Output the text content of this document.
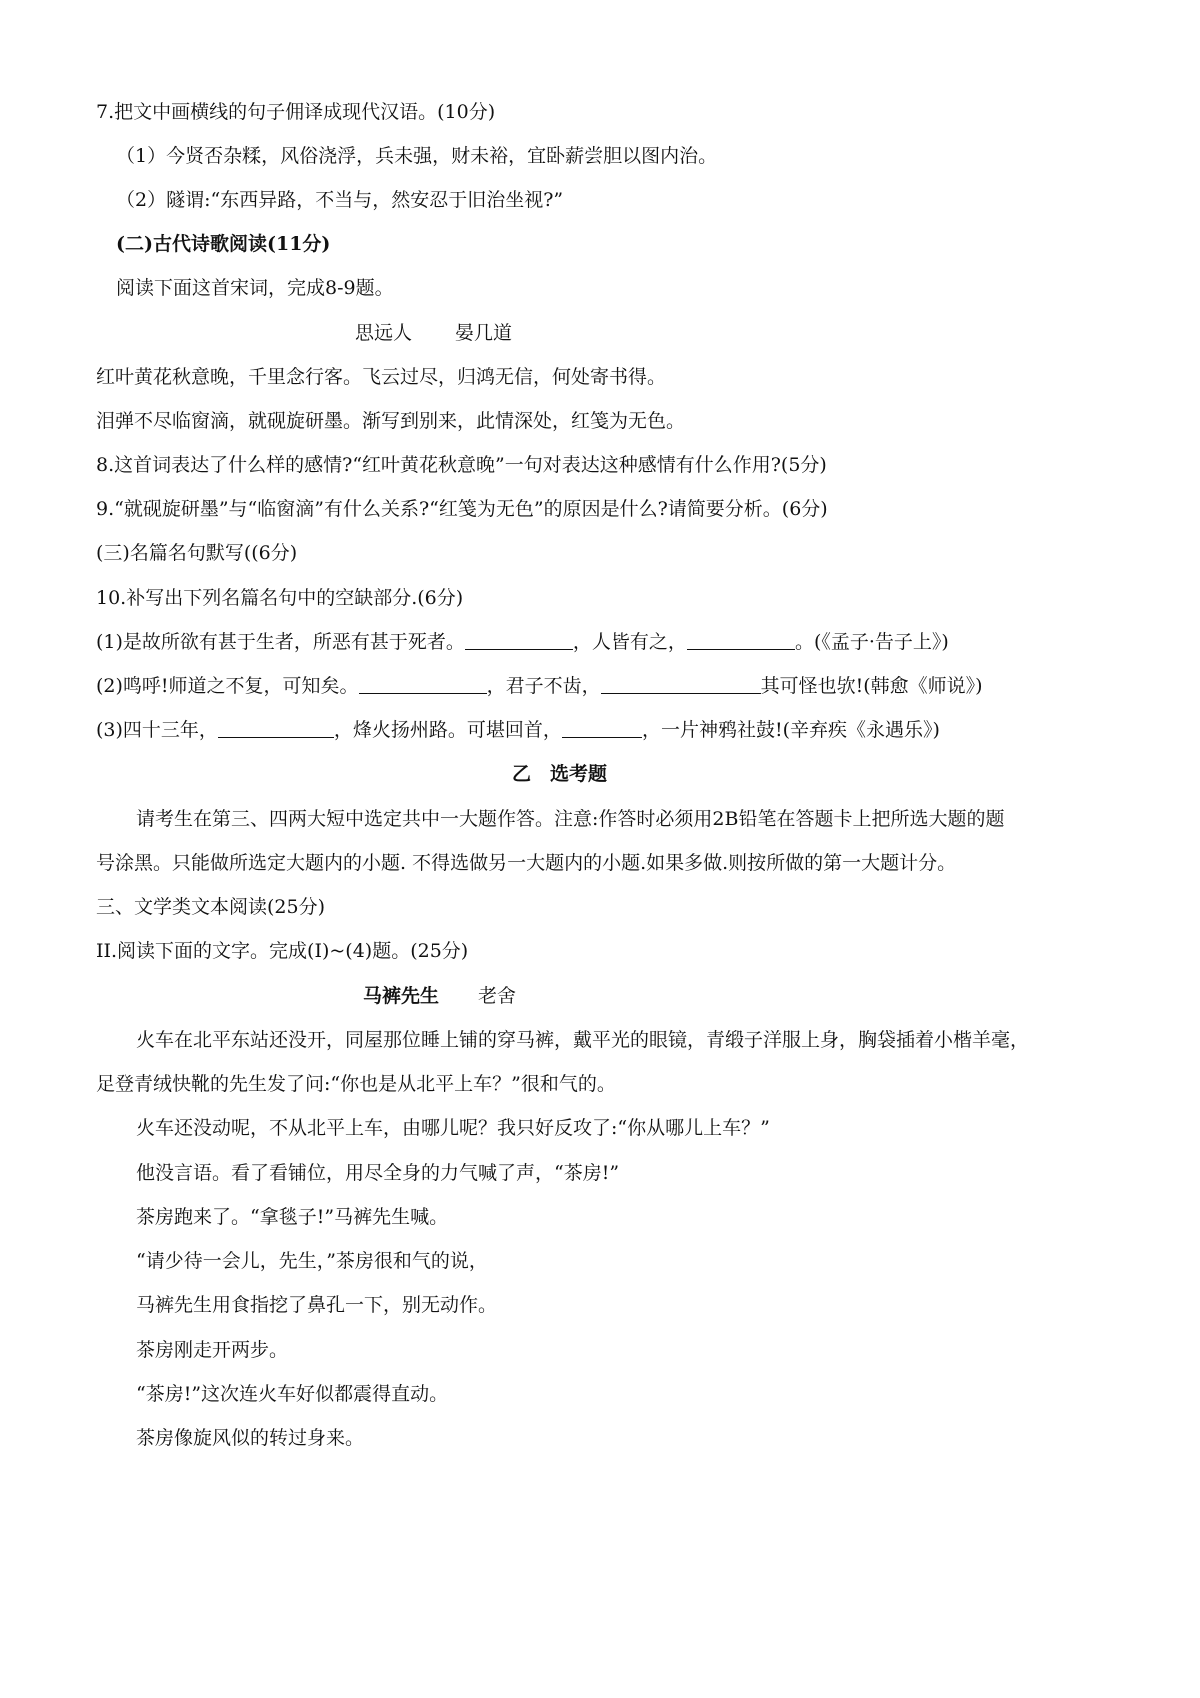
7.把文中画横线的句子佣译成现代汉语。(10分)
（1）今贤否杂糅，风俗浇浮，兵未强，财未裕，宜卧薪尝胆以图内治。
（2）隧谓:“东西异路，不当与，然安忍于旧治坐视?”
(二)古代诗歌阅读(11分)
阅读下面这首宋词，完成8-9题。
思远人 晏几道
红叶黄花秋意晚，千里念行客。飞云过尽，归鸿无信，何处寄书得。
泪弹不尽临窗滴，就砚旋研墨。渐写到别来，此情深处，红笺为无色。
8.这首词表达了什么样的感情?“红叶黄花秋意晚”一句对表达这种感情有什么作用?(5分)
9.“就砚旋研墨”与“临窗滴”有什么关系?“红笺为无色”的原因是什么?请简要分析。(6分)
(三)名篇名句默写((6分)
10.补写出下列名篇名句中的空缺部分.(6分)
(1)是故所欲有甚于生者，所恶有甚于死者。	，人皆有之，	。(《孟子·告子上》)
(2)鸣呼!师道之不复，可知矣。	，君子不齿，	其可怪也欤!(韩愈《师说》)
(3)四十三年，	，烽火扬州路。可堪回首，	，一片神鸦社鼓!(辛弃疾《永遇乐》)
乙　选考题
请考生在第三、四两大短中选定共中一大题作答。注意:作答时必须用2B铅笔在答题卡上把所选大题的题
号涂黑。只能做所选定大题内的小题. 不得选做另一大题内的小题.如果多做.则按所做的第一大题计分。
三、文学类文本阅读(25分)
II.阅读下面的文字。完成(I)~(4)题。(25分)
马裤先生 老舍
火车在北平东站还没开，同屋那位睡上铺的穿马裤，戴平光的眼镜，青缎子洋服上身，胸袋插着小楷羊毫，
足登青绒快靴的先生发了问:“你也是从北平上车？”很和气的。
火车还没动呢，不从北平上车，由哪儿呢？我只好反攻了:“你从哪儿上车？”
他没言语。看了看铺位，用尽全身的力气喊了声，“茶房!”
茶房跑来了。“拿毯子!”马裤先生喊。
“请少待一会儿，先生，”茶房很和气的说，
马裤先生用食指挖了鼻孔一下，别无动作。
茶房刚走开两步。
“茶房!”这次连火车好似都震得直动。
茶房像旋风似的转过身来。
